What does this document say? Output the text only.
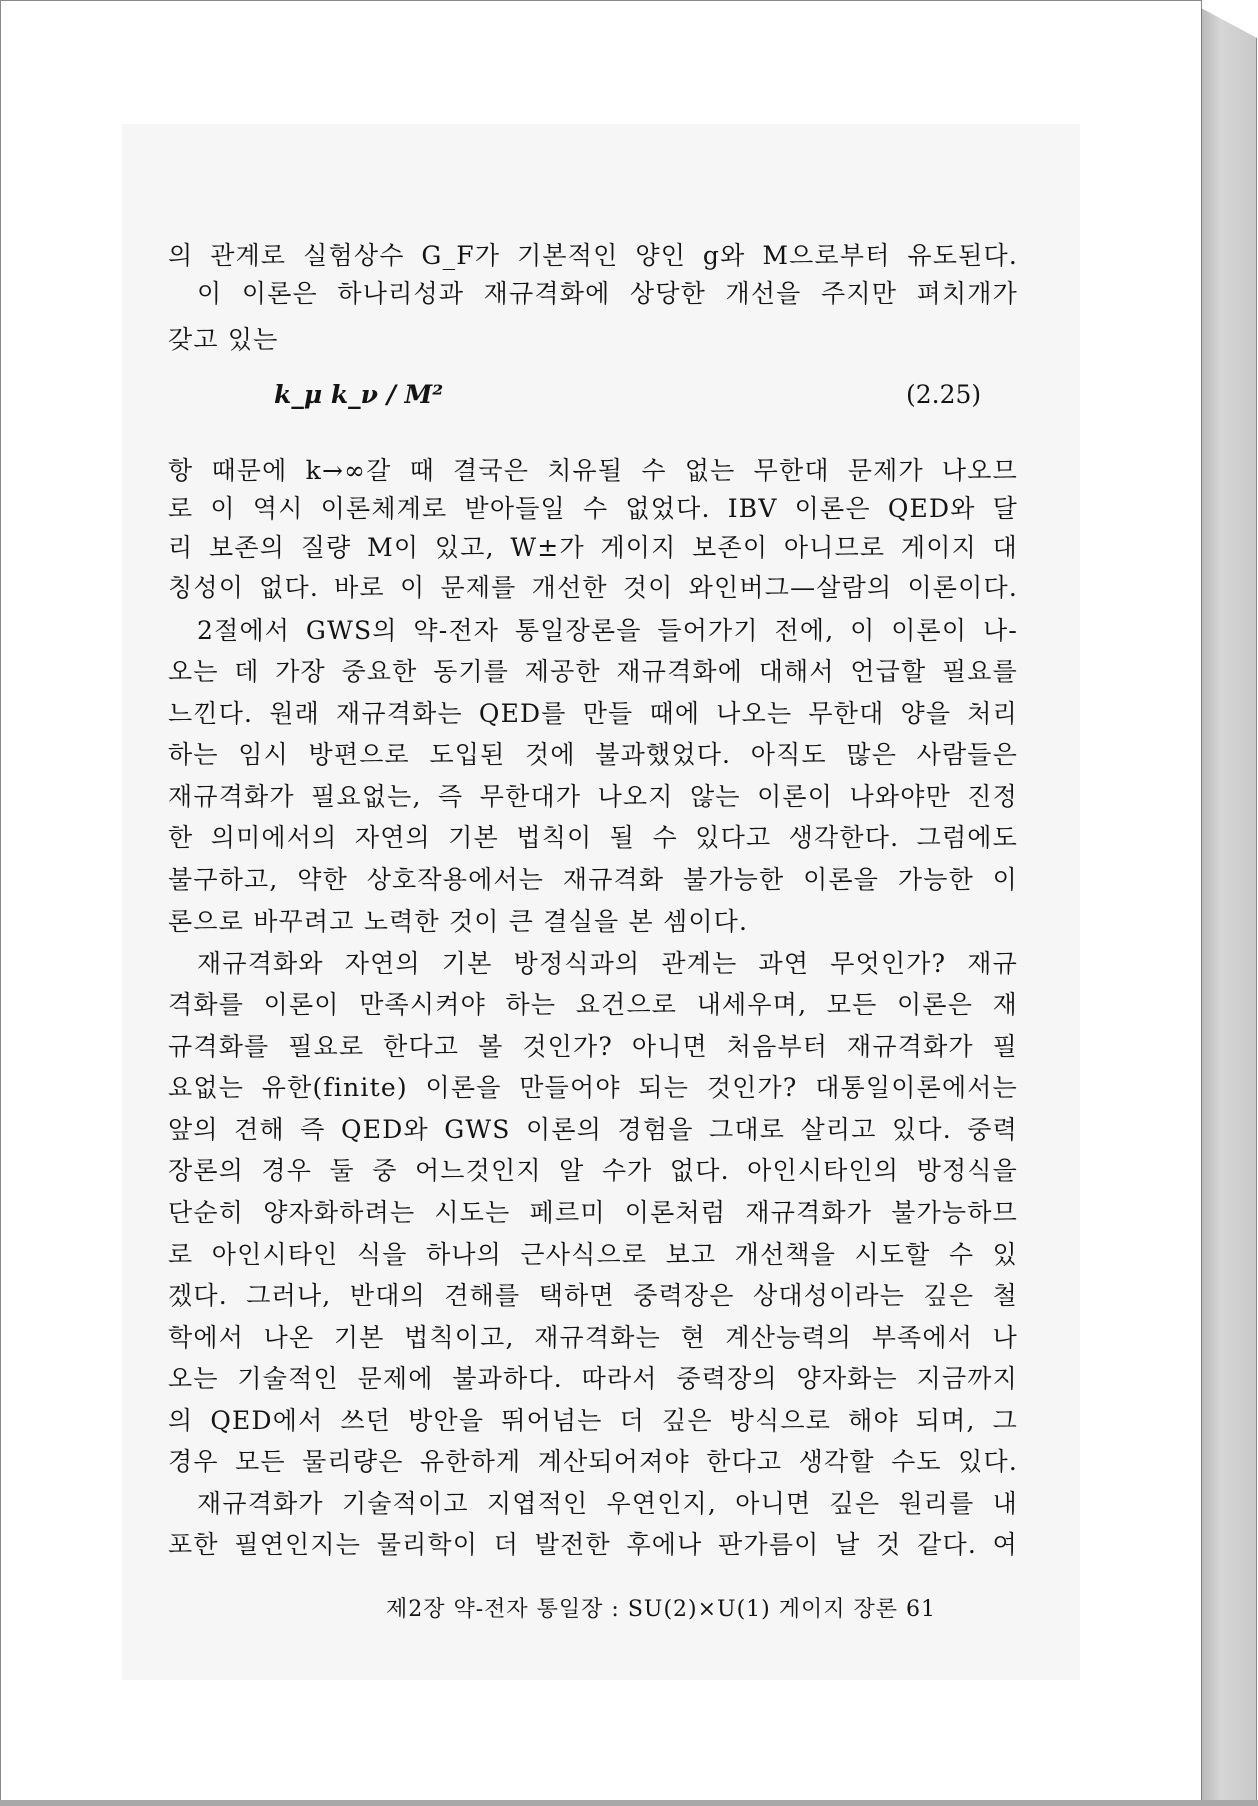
의 관계로 실험상수 G_F가 기본적인 양인 g와 M으로부터 유도된다.
이 이론은 하나리성과 재규격화에 상당한 개선을 주지만 펴치개가
갖고 있는
k_μ k_ν / M²	(2.25)
항 때문에 k→∞갈 때 결국은 치유될 수 없는 무한대 문제가 나오므
로 이 역시 이론체계로 받아들일 수 없었다. IBV 이론은 QED와 달
리 보존의 질량 M이 있고, W±가 게이지 보존이 아니므로 게이지 대
칭성이 없다. 바로 이 문제를 개선한 것이 와인버그—살람의 이론이다.
2절에서 GWS의 약-전자 통일장론을 들어가기 전에, 이 이론이 나-
오는 데 가장 중요한 동기를 제공한 재규격화에 대해서 언급할 필요를
느낀다. 원래 재규격화는 QED를 만들 때에 나오는 무한대 양을 처리
하는 임시 방편으로 도입된 것에 불과했었다. 아직도 많은 사람들은
재규격화가 필요없는, 즉 무한대가 나오지 않는 이론이 나와야만 진정
한 의미에서의 자연의 기본 법칙이 될 수 있다고 생각한다. 그럼에도
불구하고, 약한 상호작용에서는 재규격화 불가능한 이론을 가능한 이
론으로 바꾸려고 노력한 것이 큰 결실을 본 셈이다.
재규격화와 자연의 기본 방정식과의 관계는 과연 무엇인가? 재규
격화를 이론이 만족시켜야 하는 요건으로 내세우며, 모든 이론은 재
규격화를 필요로 한다고 볼 것인가? 아니면 처음부터 재규격화가 필
요없는 유한(finite) 이론을 만들어야 되는 것인가? 대통일이론에서는
앞의 견해 즉 QED와 GWS 이론의 경험을 그대로 살리고 있다. 중력
장론의 경우 둘 중 어느것인지 알 수가 없다. 아인시타인의 방정식을
단순히 양자화하려는 시도는 페르미 이론처럼 재규격화가 불가능하므
로 아인시타인 식을 하나의 근사식으로 보고 개선책을 시도할 수 있
겠다. 그러나, 반대의 견해를 택하면 중력장은 상대성이라는 깊은 철
학에서 나온 기본 법칙이고, 재규격화는 현 계산능력의 부족에서 나
오는 기술적인 문제에 불과하다. 따라서 중력장의 양자화는 지금까지
의 QED에서 쓰던 방안을 뛰어넘는 더 깊은 방식으로 해야 되며, 그
경우 모든 물리량은 유한하게 계산되어져야 한다고 생각할 수도 있다.
재규격화가 기술적이고 지엽적인 우연인지, 아니면 깊은 원리를 내
포한 필연인지는 물리학이 더 발전한 후에나 판가름이 날 것 같다. 여
제2장 약-전자 통일장 : SU(2)×U(1) 게이지 장론 61
